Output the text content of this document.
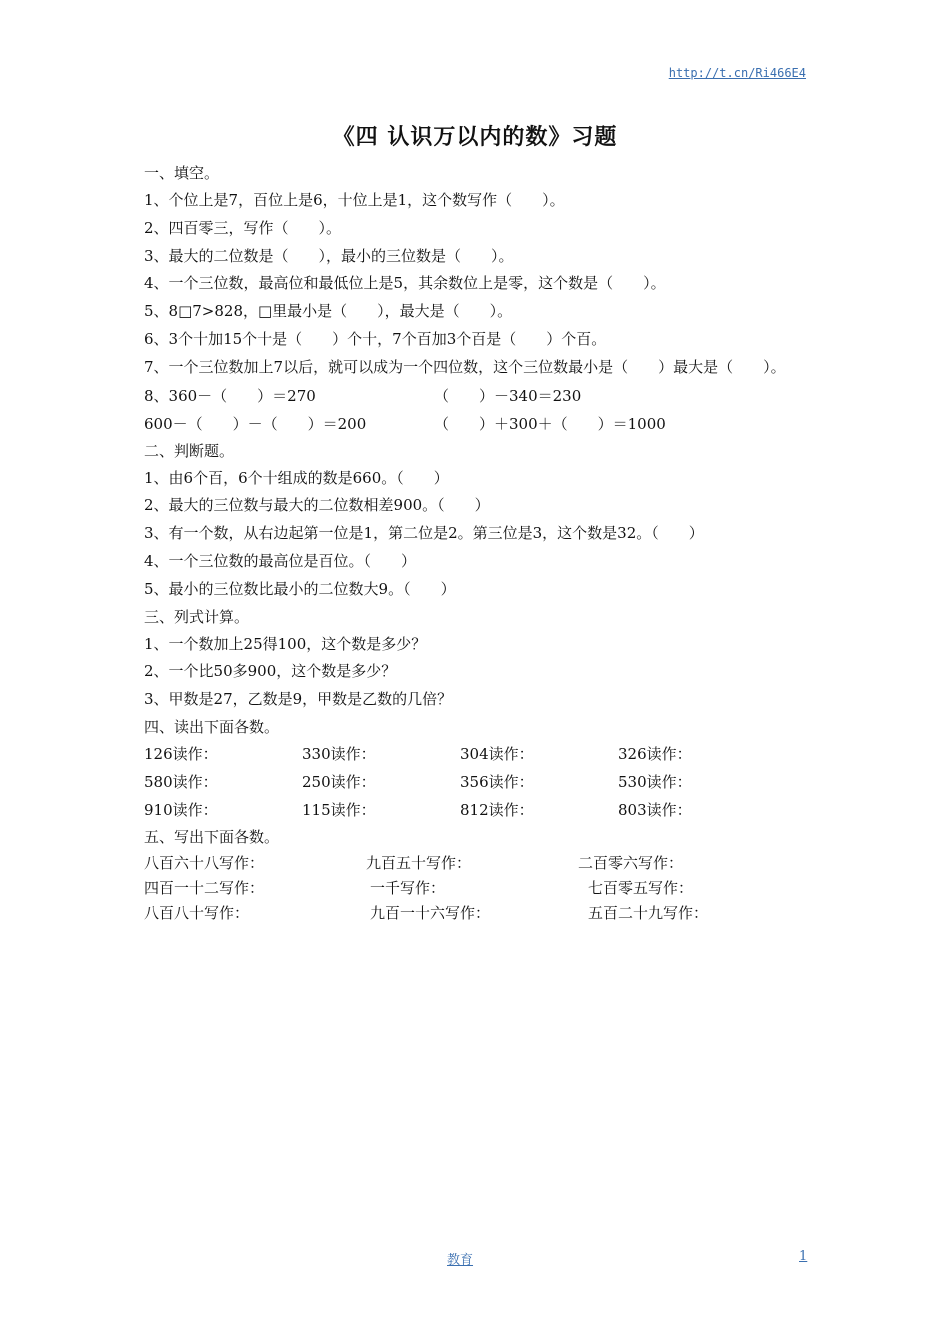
http://t.cn/Ri466E4
《四 认识万以内的数》习题
一、填空。
1、个位上是7，百位上是6，十位上是1，这个数写作（　　）。
2、四百零三，写作（　　）。
3、最大的二位数是（　　），最小的三位数是（　　）。
4、一个三位数，最高位和最低位上是5，其余数位上是零，这个数是（　　）。
5、8□7>828，□里最小是（　　），最大是（　　）。
6、3个十加15个十是（　　）个十，7个百加3个百是（　　）个百。
7、一个三位数加上7以后，就可以成为一个四位数，这个三位数最小是（　　）最大是（　　）。
8、360－（　　）＝270	（　　）－340＝230
600－（　　）－（　　）＝200	（　　）＋300＋（　　）＝1000
二、判断题。
1、由6个百，6个十组成的数是660。（　　）
2、最大的三位数与最大的二位数相差900。（　　）
3、有一个数，从右边起第一位是1，第二位是2。第三位是3，这个数是32。（　　）
4、一个三位数的最高位是百位。（　　）
5、最小的三位数比最小的二位数大9。（　　）
三、列式计算。
1、一个数加上25得100，这个数是多少？
2、一个比50多900，这个数是多少？
3、甲数是27，乙数是9，甲数是乙数的几倍？
四、读出下面各数。
126读作：	330读作：	304读作：	326读作：
580读作：	250读作：	356读作：	530读作：
910读作：	115读作：	812读作：	803读作：
五、写出下面各数。
八百六十八写作：	九百五十写作：	二百零六写作：
四百一十二写作：	一千写作：	七百零五写作：
八百八十写作：	九百一十六写作：	五百二十九写作：
教育	1
